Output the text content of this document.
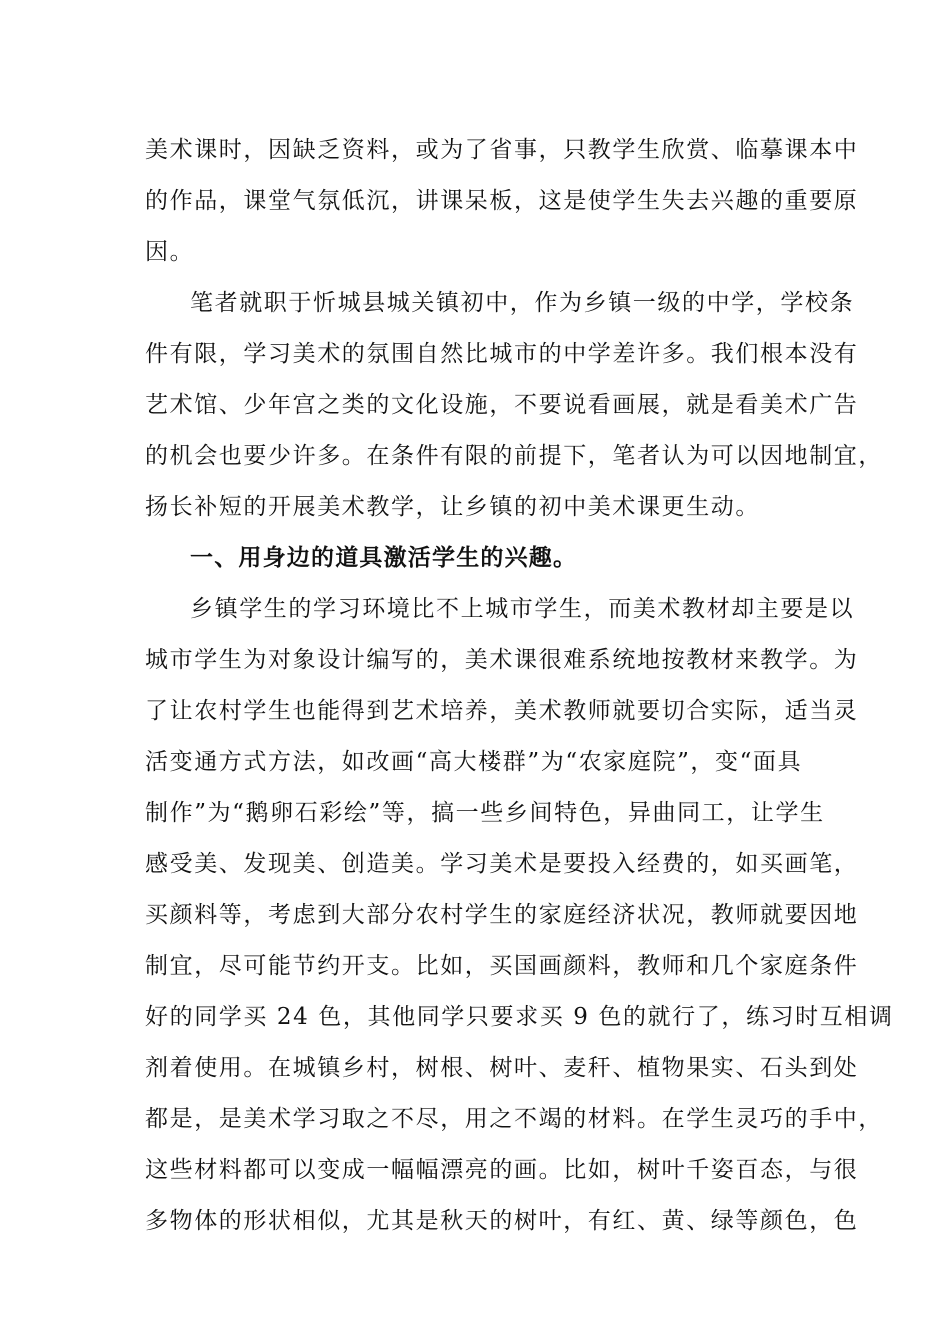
美术课时，因缺乏资料，或为了省事，只教学生欣赏、临摹课本中
的作品，课堂气氛低沉，讲课呆板，这是使学生失去兴趣的重要原
因。
笔者就职于忻城县城关镇初中，作为乡镇一级的中学，学校条
件有限，学习美术的氛围自然比城市的中学差许多。我们根本没有
艺术馆、少年宫之类的文化设施，不要说看画展，就是看美术广告
的机会也要少许多。在条件有限的前提下，笔者认为可以因地制宜，
扬长补短的开展美术教学，让乡镇的初中美术课更生动。
一、用身边的道具激活学生的兴趣。
乡镇学生的学习环境比不上城市学生，而美术教材却主要是以
城市学生为对象设计编写的，美术课很难系统地按教材来教学。为
了让农村学生也能得到艺术培养，美术教师就要切合实际，适当灵
活变通方式方法，如改画“高大楼群”为“农家庭院”，变“面具
制作”为“鹅卵石彩绘”等，搞一些乡间特色，异曲同工，让学生
感受美、发现美、创造美。学习美术是要投入经费的，如买画笔，
买颜料等，考虑到大部分农村学生的家庭经济状况，教师就要因地
制宜，尽可能节约开支。比如，买国画颜料，教师和几个家庭条件
好的同学买 24 色，其他同学只要求买 9 色的就行了，练习时互相调
剂着使用。在城镇乡村，树根、树叶、麦秆、植物果实、石头到处
都是，是美术学习取之不尽，用之不竭的材料。在学生灵巧的手中，
这些材料都可以变成一幅幅漂亮的画。比如，树叶千姿百态，与很
多物体的形状相似，尤其是秋天的树叶，有红、黄、绿等颜色，色
